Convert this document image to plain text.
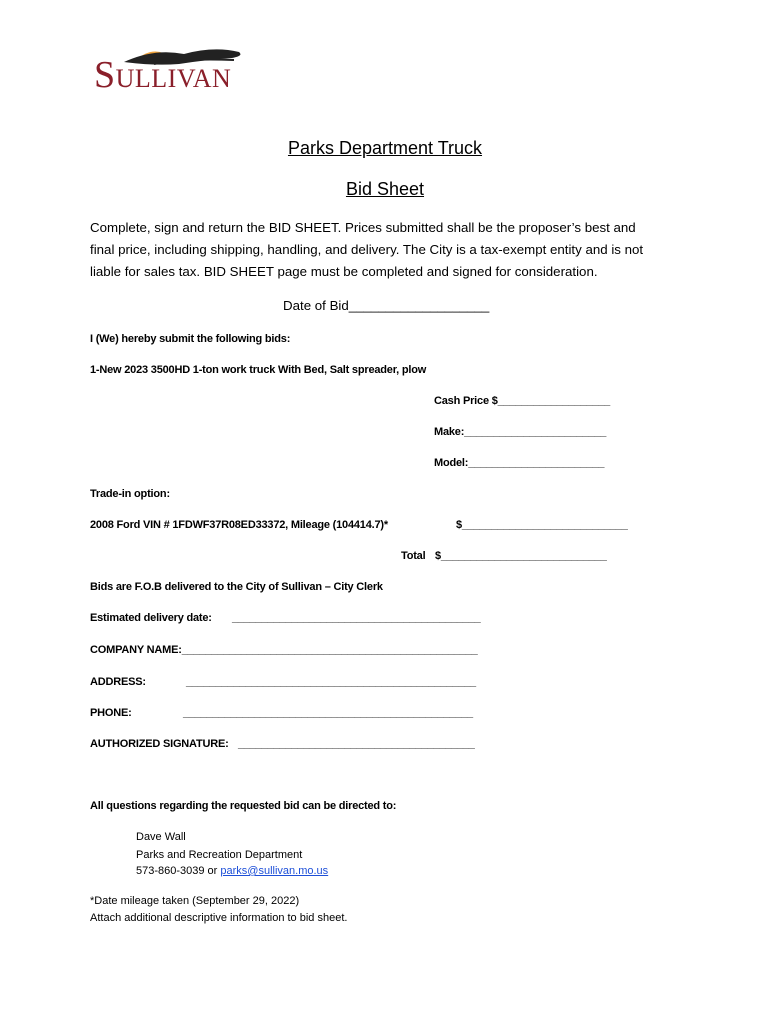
SULLIVAN
Parks Department Truck
Bid Sheet
Complete, sign and return the BID SHEET. Prices submitted shall be the proposer’s best and
final price, including shipping, handling, and delivery. The City is a tax-exempt entity and is not
liable for sales tax. BID SHEET page must be completed and signed for consideration.
Date of Bid___________________
I (We) hereby submit the following bids:
1-New 2023 3500HD 1-ton work truck With Bed, Salt spreader, plow
Cash Price $___________________
Make:________________________
Model:_______________________
Trade-in option:
2008 Ford VIN # 1FDWF37R08ED33372, Mileage (104414.7)*	$____________________________
Total $____________________________
Bids are F.O.B delivered to the City of Sullivan – City Clerk
Estimated delivery date: __________________________________________
COMPANY NAME:__________________________________________________
ADDRESS:	_________________________________________________
PHONE:	_________________________________________________
AUTHORIZED SIGNATURE: ________________________________________
All questions regarding the requested bid can be directed to:
Dave Wall
Parks and Recreation Department
573-860-3039 or parks@sullivan.mo.us
*Date mileage taken (September 29, 2022)
Attach additional descriptive information to bid sheet.
